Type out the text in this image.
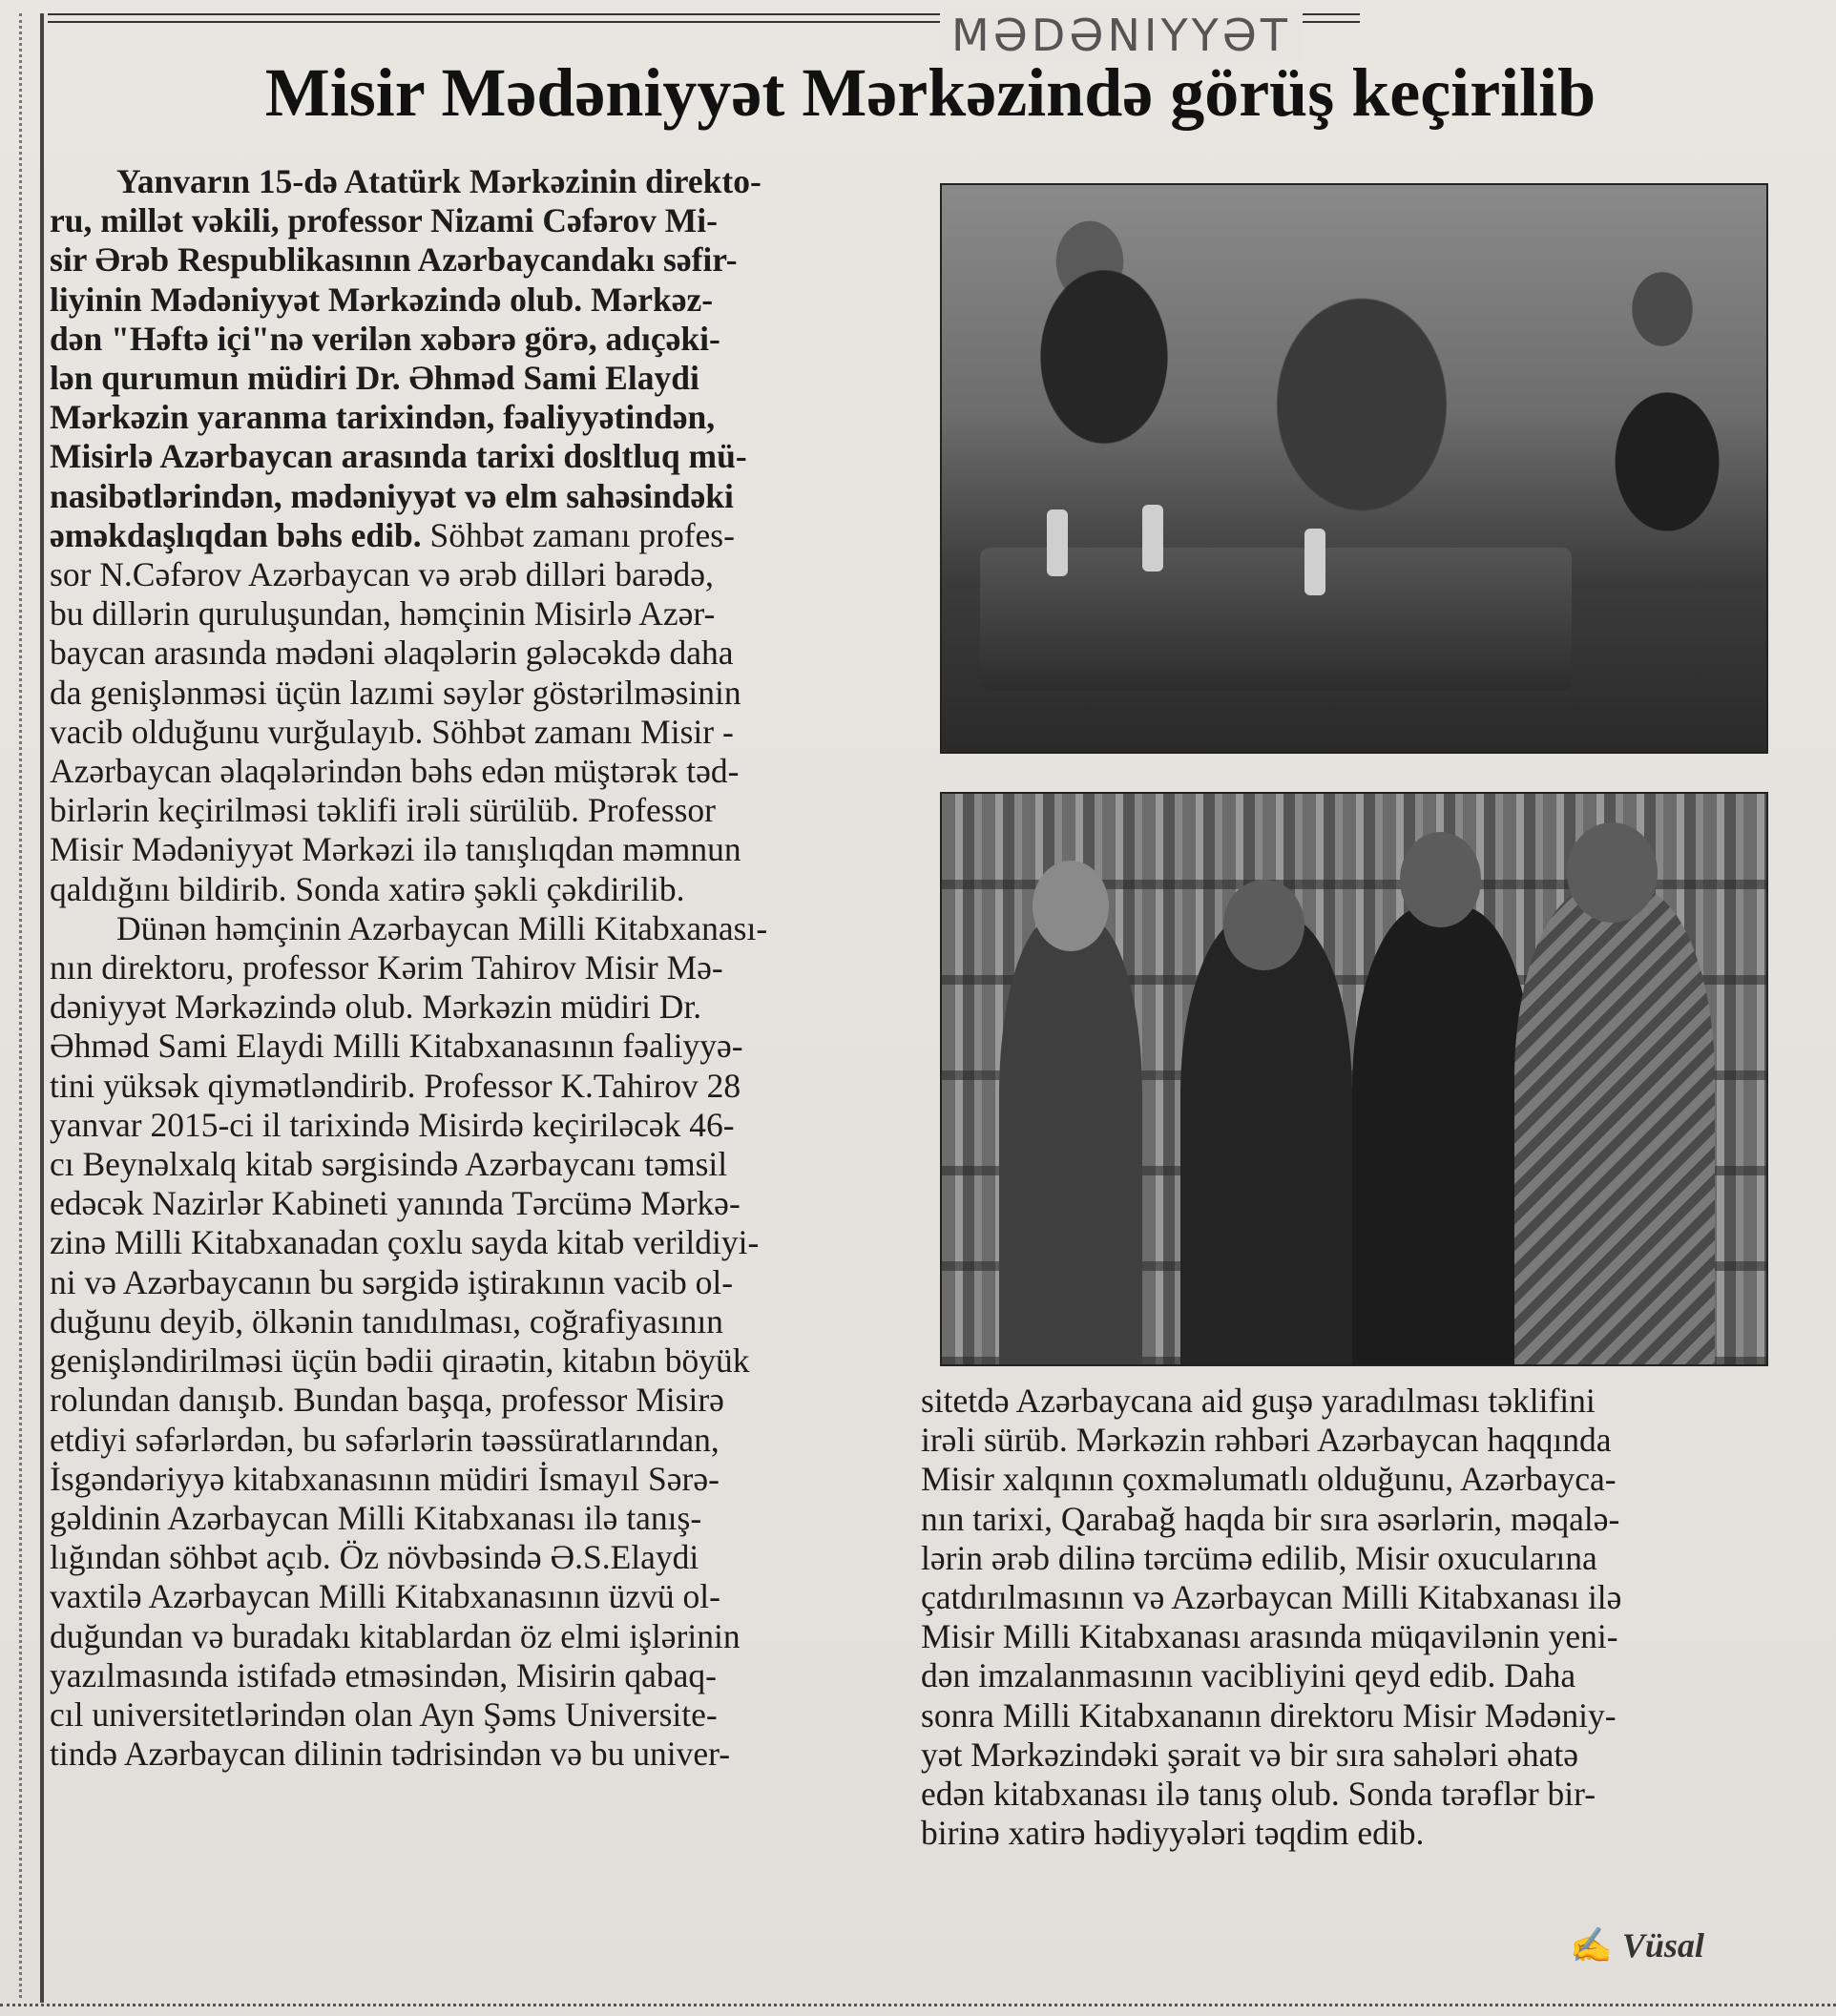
MƏDƏNIYYƏT
Misir Mədəniyyət Mərkəzində görüş keçirilib
Yanvarın 15-də Atatürk Mərkəzinin direkto-
ru, millət vəkili, professor Nizami Cəfərov Mi-
sir Ərəb Respublikasının Azərbaycandakı səfir-
liyinin Mədəniyyət Mərkəzində olub. Mərkəz-
dən "Həftə içi"nə verilən xəbərə görə, adıçəki-
lən qurumun müdiri Dr. Əhməd Sami Elaydi
Mərkəzin yaranma tarixindən, fəaliyyətindən,
Misirlə Azərbaycan arasında tarixi dosltluq mü-
nasibətlərindən, mədəniyyət və elm sahəsindəki
əməkdaşlıqdan bəhs edib. Söhbət zamanı profes-
sor N.Cəfərov Azərbaycan və ərəb dilləri barədə,
bu dillərin quruluşundan, həmçinin Misirlə Azər-
baycan arasında mədəni əlaqələrin gələcəkdə daha
da genişlənməsi üçün lazımi səylər göstərilməsinin
vacib olduğunu vurğulayıb. Söhbət zamanı Misir -
Azərbaycan əlaqələrindən bəhs edən müştərək təd-
birlərin keçirilməsi təklifi irəli sürülüb. Professor
Misir Mədəniyyət Mərkəzi ilə tanışlıqdan məmnun
qaldığını bildirib. Sonda xatirə şəkli çəkdirilib.
Dünən həmçinin Azərbaycan Milli Kitabxanası-
nın direktoru, professor Kərim Tahirov Misir Mə-
dəniyyət Mərkəzində olub. Mərkəzin müdiri Dr.
Əhməd Sami Elaydi Milli Kitabxanasının fəaliyyə-
tini yüksək qiymətləndirib. Professor K.Tahirov 28
yanvar 2015-ci il tarixində Misirdə keçiriləcək 46-
cı Beynəlxalq kitab sərgisində Azərbaycanı təmsil
edəcək Nazirlər Kabineti yanında Tərcümə Mərkə-
zinə Milli Kitabxanadan çoxlu sayda kitab verildiyi-
ni və Azərbaycanın bu sərgidə iştirakının vacib ol-
duğunu deyib, ölkənin tanıdılması, coğrafiyasının
genişləndirilməsi üçün bədii qiraətin, kitabın böyük
rolundan danışıb. Bundan başqa, professor Misirə
etdiyi səfərlərdən, bu səfərlərin təəssüratlarından,
İsgəndəriyyə kitabxanasının müdiri İsmayıl Sərə-
gəldinin Azərbaycan Milli Kitabxanası ilə tanış-
lığından söhbət açıb. Öz növbəsində Ə.S.Elaydi
vaxtilə Azərbaycan Milli Kitabxanasının üzvü ol-
duğundan və buradakı kitablardan öz elmi işlərinin
yazılmasında istifadə etməsindən, Misirin qabaq-
cıl universitetlərindən olan Ayn Şəms Universite-
tində Azərbaycan dilinin tədrisindən və bu univer-
sitetdə Azərbaycana aid guşə yaradılması təklifini
irəli sürüb. Mərkəzin rəhbəri Azərbaycan haqqında
Misir xalqının çoxməlumatlı olduğunu, Azərbayca-
nın tarixi, Qarabağ haqda bir sıra əsərlərin, məqalə-
lərin ərəb dilinə tərcümə edilib, Misir oxucularına
çatdırılmasının və Azərbaycan Milli Kitabxanası ilə
Misir Milli Kitabxanası arasında müqavilənin yeni-
dən imzalanmasının vacibliyini qeyd edib. Daha
sonra Milli Kitabxananın direktoru Misir Mədəniy-
yət Mərkəzindəki şərait və bir sıra sahələri əhatə
edən kitabxanası ilə tanış olub. Sonda tərəflər bir-
birinə xatirə hədiyyələri təqdim edib.
✍ Vüsal
